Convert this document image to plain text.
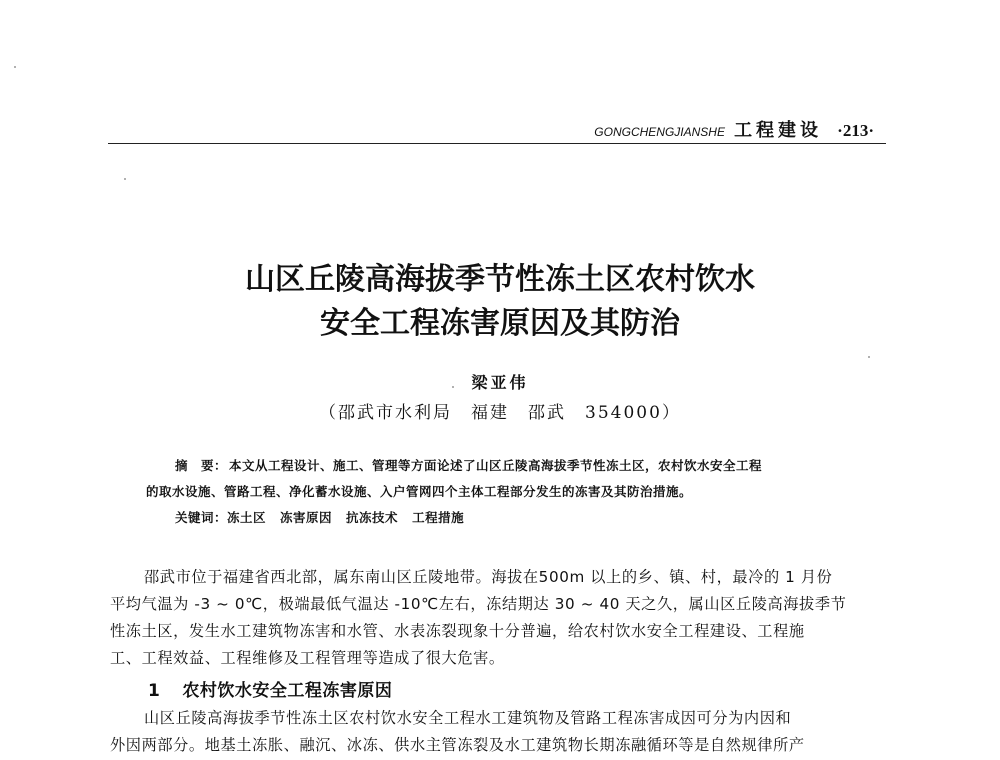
GONGCHENGJIANSHE 工程建设 ·213·
山区丘陵高海拔季节性冻土区农村饮水
安全工程冻害原因及其防治
梁亚伟
（邵武市水利局　福建　邵武　354000）
摘　要： 本文从工程设计、施工、管理等方面论述了山区丘陵高海拔季节性冻土区，农村饮水安全工程
的取水设施、管路工程、净化蓄水设施、入户管网四个主体工程部分发生的冻害及其防治措施。
关键词：冻土区 冻害原因 抗冻技术 工程措施
邵武市位于福建省西北部，属东南山区丘陵地带。海拔在500m 以上的乡、镇、村，最冷的 1 月份
平均气温为 -3 ~ 0℃，极端最低气温达 -10℃左右，冻结期达 30 ~ 40 天之久，属山区丘陵高海拔季节
性冻土区，发生水工建筑物冻害和水管、水表冻裂现象十分普遍，给农村饮水安全工程建设、工程施
工、工程效益、工程维修及工程管理等造成了很大危害。
1 农村饮水安全工程冻害原因
山区丘陵高海拔季节性冻土区农村饮水安全工程水工建筑物及管路工程冻害成因可分为内因和
外因两部分。地基土冻胀、融沉、冰冻、供水主管冻裂及水工建筑物长期冻融循环等是自然规律所产
